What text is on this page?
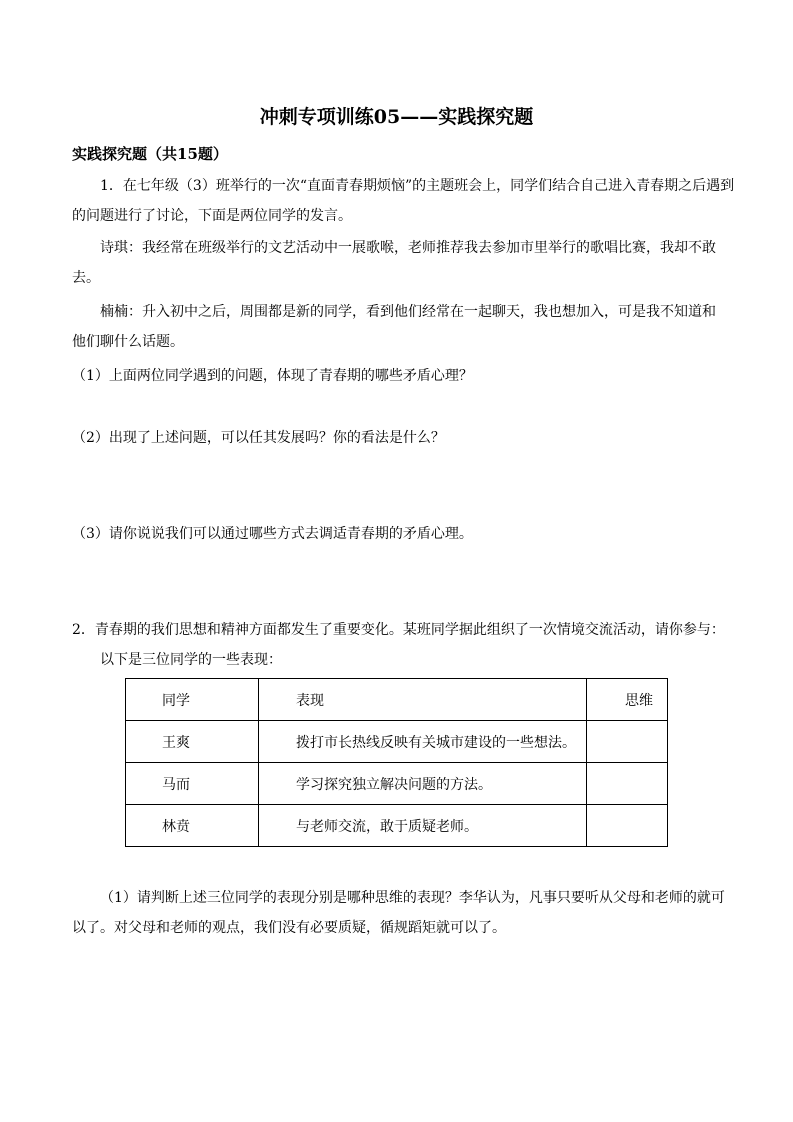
冲刺专项训练05——实践探究题
实践探究题（共15题）
1．在七年级（3）班举行的一次“直面青春期烦恼”的主题班会上，同学们结合自己进入青春期之后遇到
的问题进行了讨论，下面是两位同学的发言。
诗琪：我经常在班级举行的文艺活动中一展歌喉，老师推荐我去参加市里举行的歌唱比赛，我却不敢
去。
楠楠：升入初中之后，周围都是新的同学，看到他们经常在一起聊天，我也想加入，可是我不知道和
他们聊什么话题。
（1）上面两位同学遇到的问题，体现了青春期的哪些矛盾心理？
（2）出现了上述问题，可以任其发展吗？你的看法是什么？
（3）请你说说我们可以通过哪些方式去调适青春期的矛盾心理。
2．青春期的我们思想和精神方面都发生了重要变化。某班同学据此组织了一次情境交流活动，请你参与：
以下是三位同学的一些表现：
同学	表现	思维
王爽	拨打市长热线反映有关城市建设的一些想法。	
马而	学习探究独立解决问题的方法。	
林贲	与老师交流，敢于质疑老师。	
（1）请判断上述三位同学的表现分别是哪种思维的表现？李华认为，凡事只要听从父母和老师的就可
以了。对父母和老师的观点，我们没有必要质疑，循规蹈矩就可以了。
